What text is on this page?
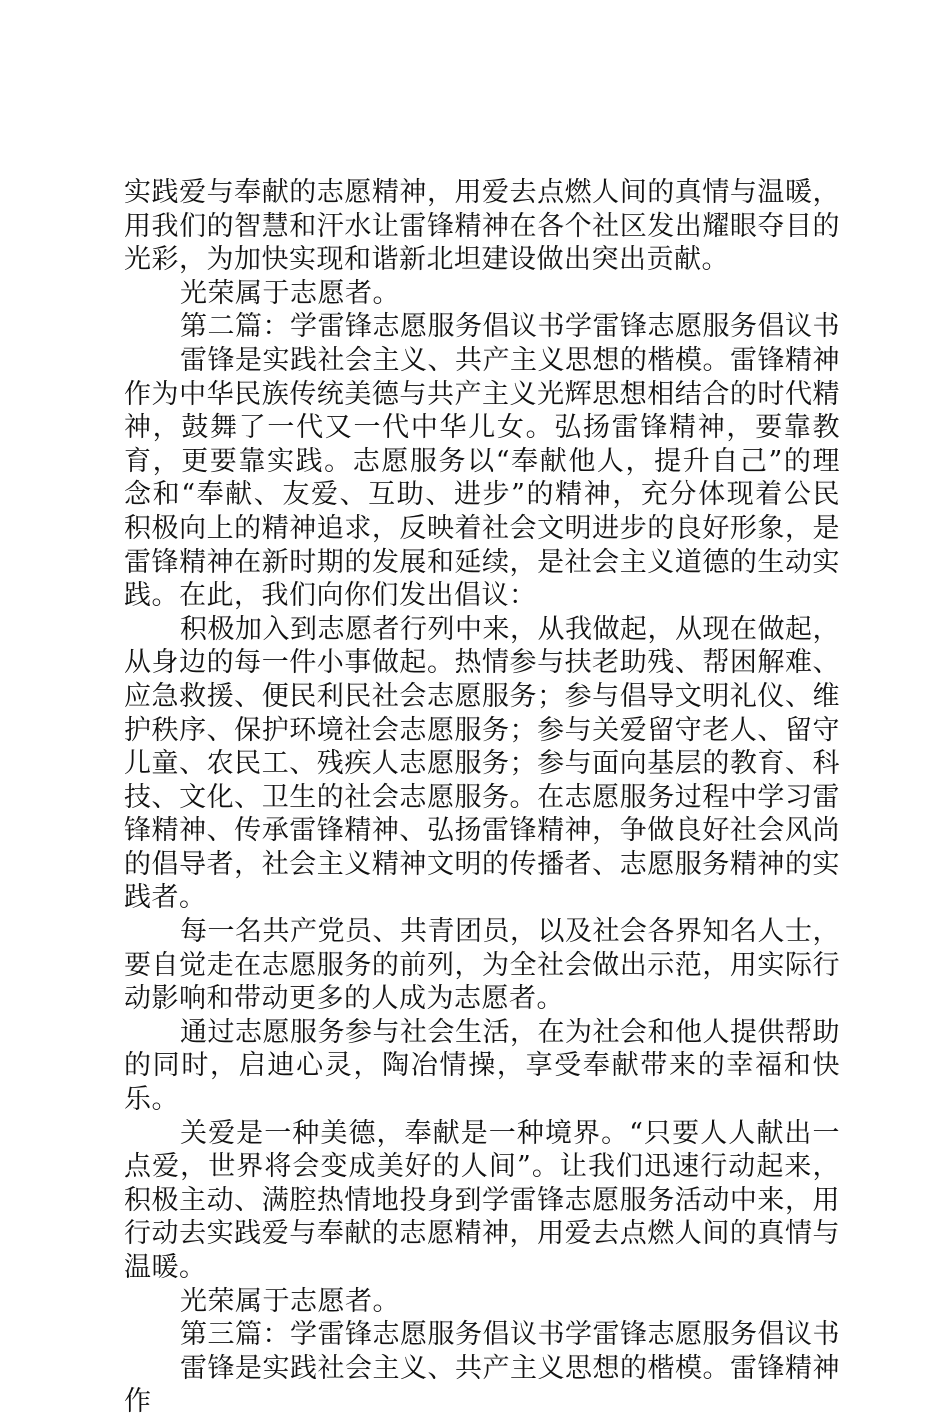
实践爱与奉献的志愿精神，用爱去点燃人间的真情与温暖，用我们的智慧和汗水让雷锋精神在各个社区发出耀眼夺目的光彩，为加快实现和谐新北坦建设做出突出贡献。

光荣属于志愿者。

第二篇：学雷锋志愿服务倡议书学雷锋志愿服务倡议书

雷锋是实践社会主义、共产主义思想的楷模。雷锋精神作为中华民族传统美德与共产主义光辉思想相结合的时代精神，鼓舞了一代又一代中华儿女。弘扬雷锋精神，要靠教育，更要靠实践。志愿服务以“奉献他人，提升自己”的理念和“奉献、友爱、互助、进步”的精神，充分体现着公民积极向上的精神追求，反映着社会文明进步的良好形象，是雷锋精神在新时期的发展和延续，是社会主义道德的生动实践。在此，我们向你们发出倡议：

积极加入到志愿者行列中来，从我做起，从现在做起，从身边的每一件小事做起。热情参与扶老助残、帮困解难、应急救援、便民利民社会志愿服务；参与倡导文明礼仪、维护秩序、保护环境社会志愿服务；参与关爱留守老人、留守儿童、农民工、残疾人志愿服务；参与面向基层的教育、科技、文化、卫生的社会志愿服务。在志愿服务过程中学习雷锋精神、传承雷锋精神、弘扬雷锋精神，争做良好社会风尚的倡导者，社会主义精神文明的传播者、志愿服务精神的实践者。

每一名共产党员、共青团员，以及社会各界知名人士，要自觉走在志愿服务的前列，为全社会做出示范，用实际行动影响和带动更多的人成为志愿者。

通过志愿服务参与社会生活，在为社会和他人提供帮助的同时，启迪心灵，陶冶情操，享受奉献带来的幸福和快乐。

关爱是一种美德，奉献是一种境界。“只要人人献出一点爱，世界将会变成美好的人间”。让我们迅速行动起来，积极主动、满腔热情地投身到学雷锋志愿服务活动中来，用行动去实践爱与奉献的志愿精神，用爱去点燃人间的真情与温暖。

光荣属于志愿者。

第三篇：学雷锋志愿服务倡议书学雷锋志愿服务倡议书

雷锋是实践社会主义、共产主义思想的楷模。雷锋精神作
